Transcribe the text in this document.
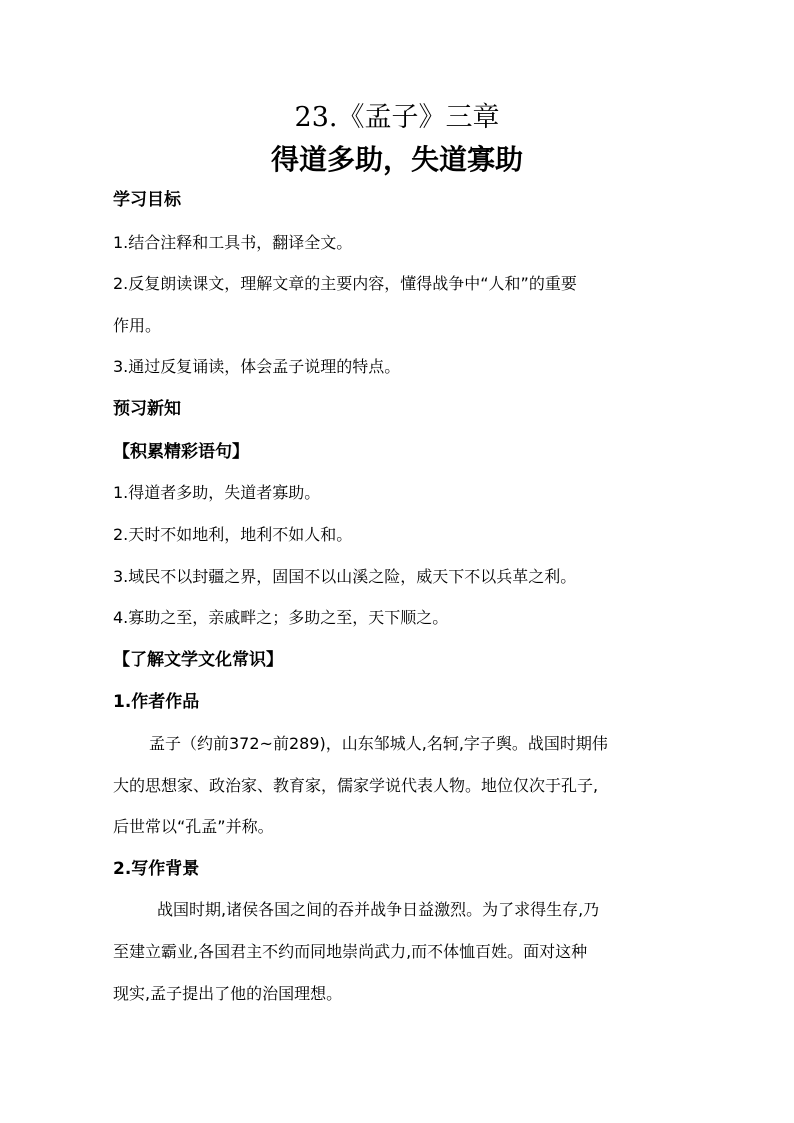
23.《孟子》三章
得道多助，失道寡助
学习目标
1.结合注释和工具书，翻译全文。
2.反复朗读课文，理解文章的主要内容，懂得战争中“人和”的重要
作用。
3.通过反复诵读，体会孟子说理的特点。
预习新知
【积累精彩语句】
1.得道者多助，失道者寡助。
2.天时不如地利，地利不如人和。
3.域民不以封疆之界，固国不以山溪之险，威天下不以兵革之利。
4.寡助之至，亲戚畔之；多助之至，天下顺之。
【了解文学文化常识】
1.作者作品
孟子（约前372~前289)，山东邹城人,名轲,字子舆。战国时期伟
大的思想家、政治家、教育家，儒家学说代表人物。地位仅次于孔子,
后世常以“孔孟”并称。
2.写作背景
战国时期,诸侯各国之间的吞并战争日益激烈。为了求得生存,乃
至建立霸业,各国君主不约而同地崇尚武力,而不体恤百姓。面对这种
现实,孟子提出了他的治国理想。
